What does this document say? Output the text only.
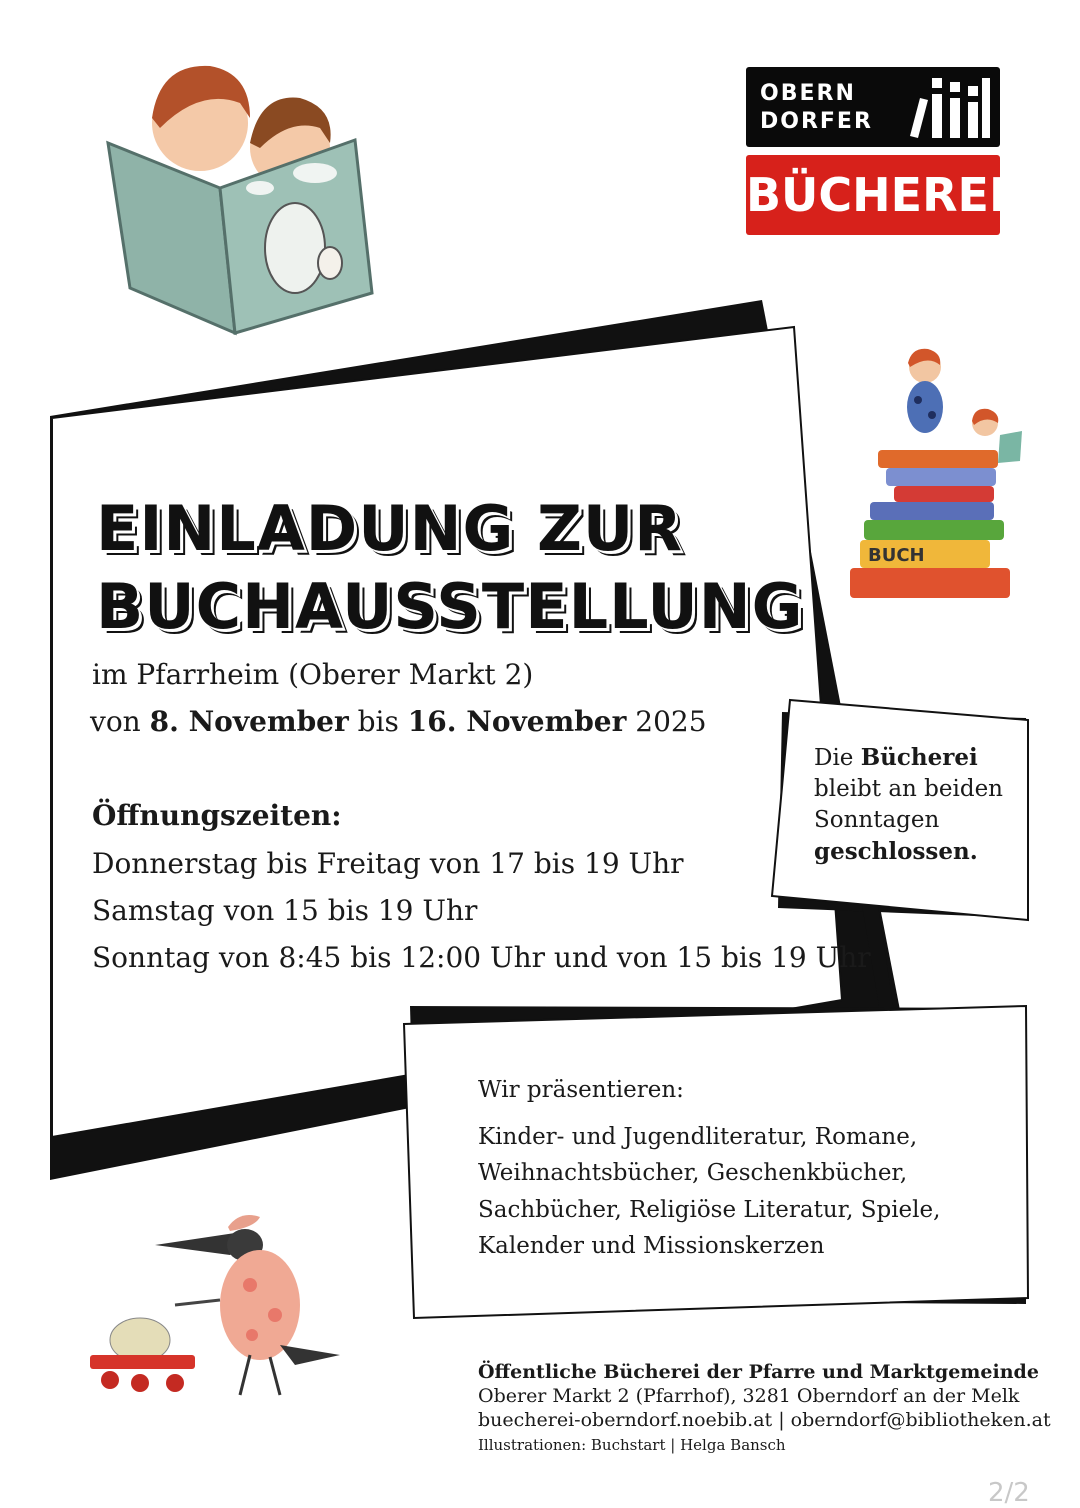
OBERN
DORFER
BÜCHEREI
BUCH
EINLADUNG ZUR
BUCHAUSSTELLUNG
im Pfarrheim (Oberer Markt 2)
von 8. November bis 16. November 2025
Öffnungszeiten:
Donnerstag bis Freitag von 17 bis 19 Uhr
Samstag von 15 bis 19 Uhr
Sonntag von 8:45 bis 12:00 Uhr und von 15 bis 19 Uhr
Die Bücherei
bleibt an beiden
Sonntagen
geschlossen.
Wir präsentieren:
Kinder- und Jugendliteratur, Romane,
Weihnachtsbücher, Geschenkbücher,
Sachbücher, Religiöse Literatur, Spiele,
Kalender und Missionskerzen
Öffentliche Bücherei der Pfarre und Marktgemeinde
Oberer Markt 2 (Pfarrhof), 3281 Oberndorf an der Melk
buecherei-oberndorf.noebib.at | oberndorf@bibliotheken.at
Illustrationen: Buchstart | Helga Bansch
2/2
